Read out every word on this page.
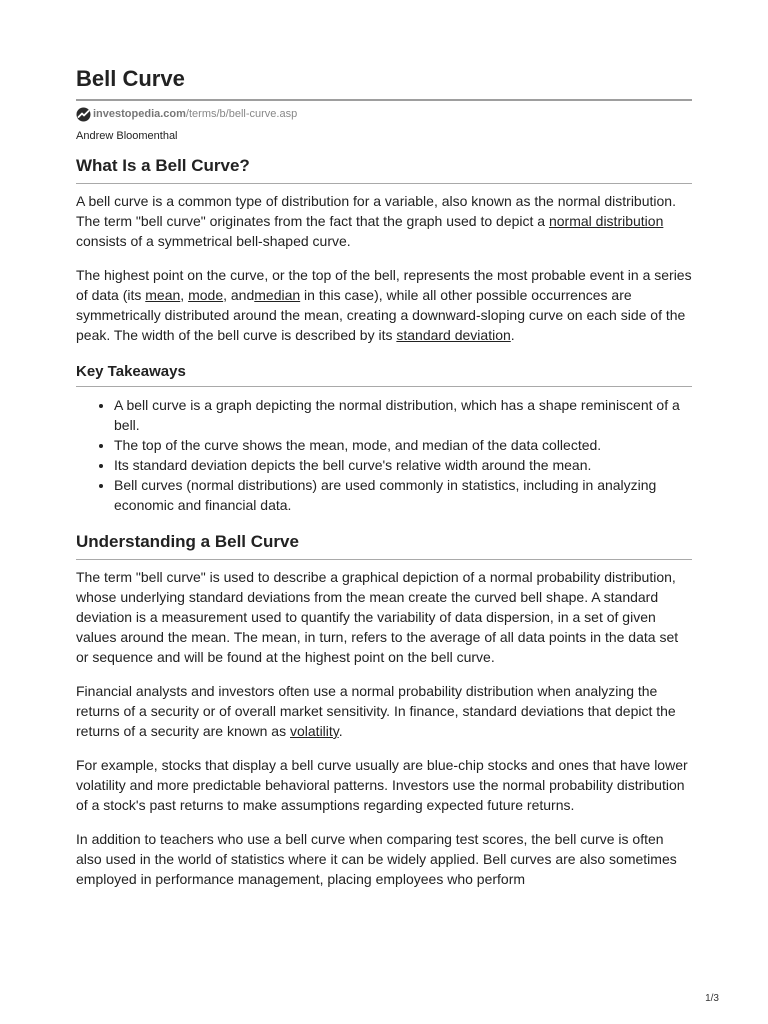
Bell Curve
investopedia.com /terms/b/bell-curve.asp
Andrew Bloomenthal
What Is a Bell Curve?

A bell curve is a common type of distribution for a variable, also known as the normal distribution. The term "bell curve" originates from the fact that the graph used to depict a normal distribution consists of a symmetrical bell-shaped curve.

The highest point on the curve, or the top of the bell, represents the most probable event in a series of data (its mean, mode, andmedian in this case), while all other possible occurrences are symmetrically distributed around the mean, creating a downward-sloping curve on each side of the peak. The width of the bell curve is described by its standard deviation.

Key Takeaways
• A bell curve is a graph depicting the normal distribution, which has a shape reminiscent of a bell.
• The top of the curve shows the mean, mode, and median of the data collected.
• Its standard deviation depicts the bell curve's relative width around the mean.
• Bell curves (normal distributions) are used commonly in statistics, including in analyzing economic and financial data.
Understanding a Bell Curve

The term "bell curve" is used to describe a graphical depiction of a normal probability distribution, whose underlying standard deviations from the mean create the curved bell shape. A standard deviation is a measurement used to quantify the variability of data dispersion, in a set of given values around the mean. The mean, in turn, refers to the average of all data points in the data set or sequence and will be found at the highest point on the bell curve.

Financial analysts and investors often use a normal probability distribution when analyzing the returns of a security or of overall market sensitivity. In finance, standard deviations that depict the returns of a security are known as volatility.

For example, stocks that display a bell curve usually are blue-chip stocks and ones that have lower volatility and more predictable behavioral patterns. Investors use the normal probability distribution of a stock's past returns to make assumptions regarding expected future returns.

In addition to teachers who use a bell curve when comparing test scores, the bell curve is often also used in the world of statistics where it can be widely applied. Bell curves are also sometimes employed in performance management, placing employees who perform

1/3
